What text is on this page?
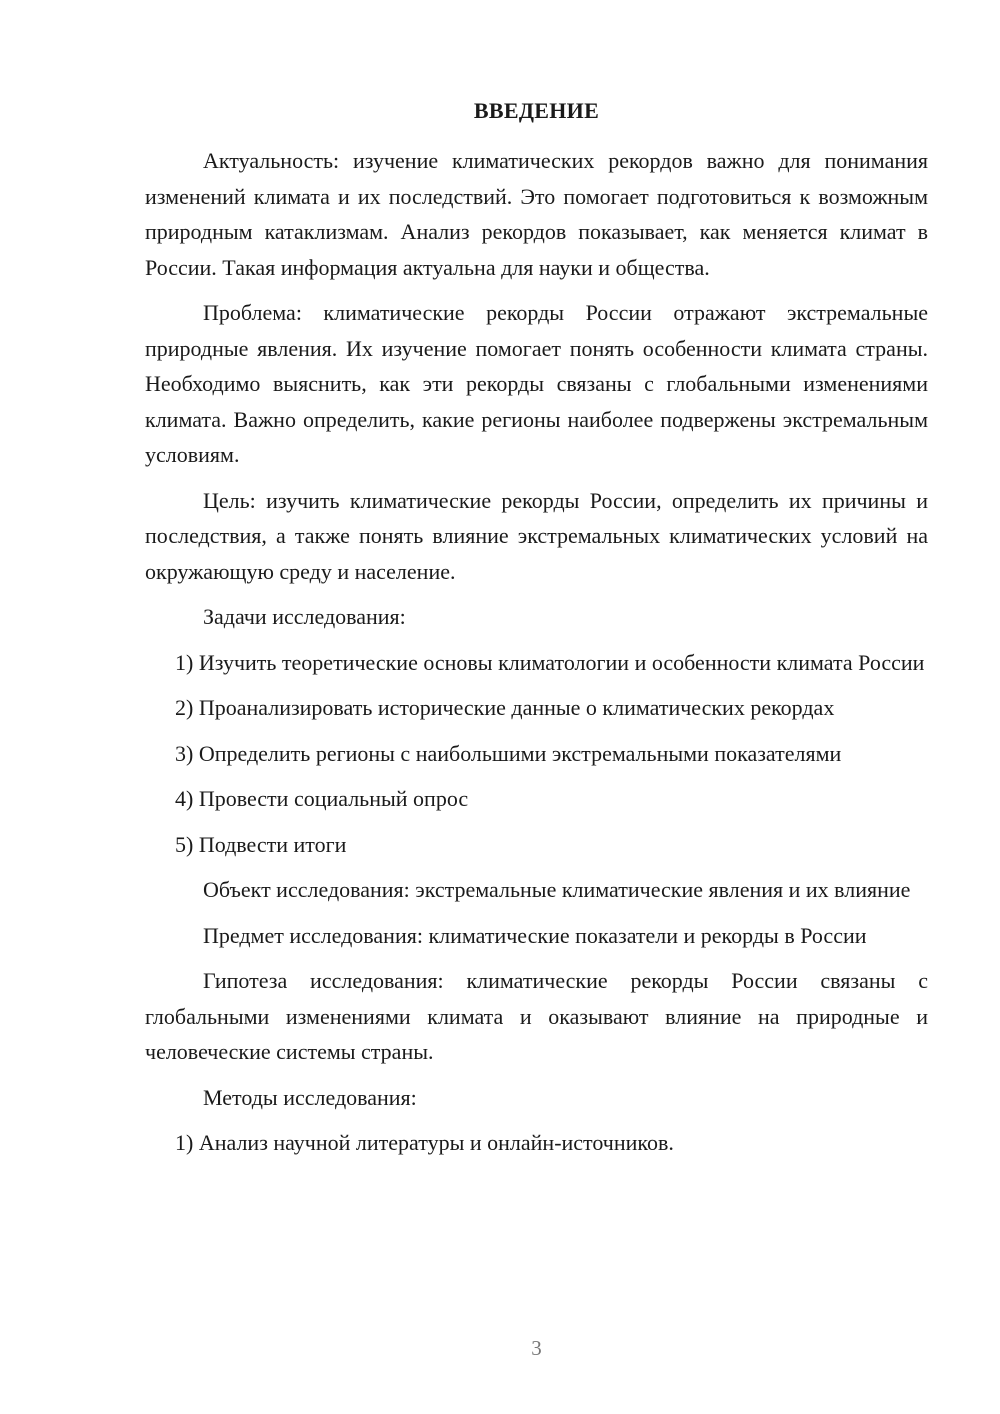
ВВЕДЕНИЕ

Актуальность: изучение климатических рекордов важно для понимания изменений климата и их последствий. Это помогает подготовиться к возможным природным катаклизмам. Анализ рекордов показывает, как меняется климат в России. Такая информация актуальна для науки и общества.

Проблема: климатические рекорды России отражают экстремальные природные явления. Их изучение помогает понять особенности климата страны. Необходимо выяснить, как эти рекорды связаны с глобальными изменениями климата. Важно определить, какие регионы наиболее подвержены экстремальным условиям.

Цель: изучить климатические рекорды России, определить их причины и последствия, а также понять влияние экстремальных климатических условий на окружающую среду и население.

Задачи исследования:

1) Изучить теоретические основы климатологии и особенности климата России

2) Проанализировать исторические данные о климатических рекордах

3) Определить регионы с наибольшими экстремальными показателями

4) Провести социальный опрос

5) Подвести итоги

Объект исследования: экстремальные климатические явления и их влияние

Предмет исследования: климатические показатели и рекорды в России

Гипотеза исследования: климатические рекорды России связаны с глобальными изменениями климата и оказывают влияние на природные и человеческие системы страны.

Методы исследования:

1) Анализ научной литературы и онлайн-источников.

3
